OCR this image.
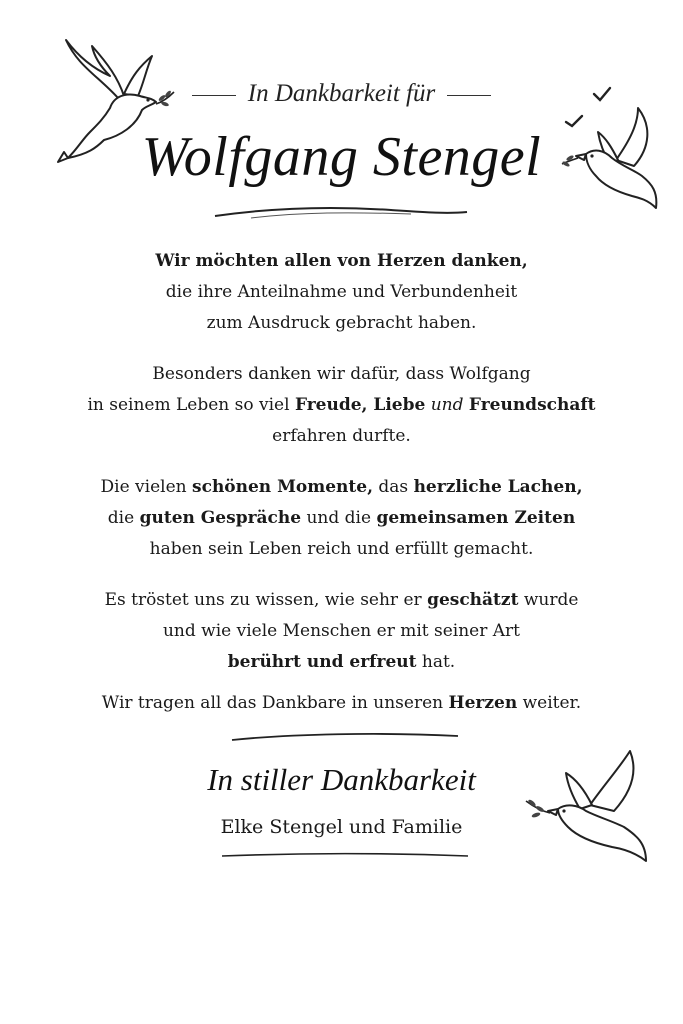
In Dankbarkeit für
Wolfgang Stengel
Wir möchten allen von Herzen danken,
die ihre Anteilnahme und Verbundenheit
zum Ausdruck gebracht haben.
Besonders danken wir dafür, dass Wolfgang
in seinem Leben so viel Freude, Liebe und Freundschaft
erfahren durfte.
Die vielen schönen Momente, das herzliche Lachen,
die guten Gespräche und die gemeinsamen Zeiten
haben sein Leben reich und erfüllt gemacht.
Es tröstet uns zu wissen, wie sehr er geschätzt wurde
und wie viele Menschen er mit seiner Art
berührt und erfreut hat.
Wir tragen all das Dankbare in unseren Herzen weiter.
In stiller Dankbarkeit
Elke Stengel und Familie
